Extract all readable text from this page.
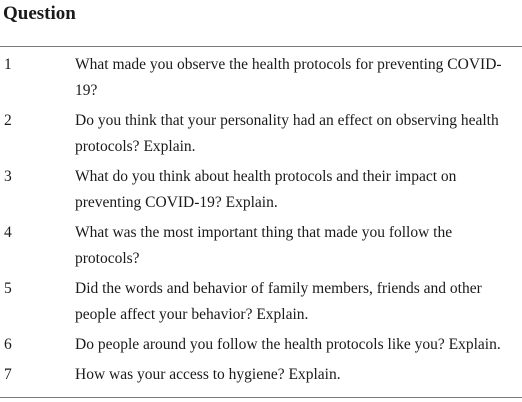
Question
1	What made you observe the health protocols for preventing COVID-19?
2	Do you think that your personality had an effect on observing health protocols? Explain.
3	What do you think about health protocols and their impact on preventing COVID-19? Explain.
4	What was the most important thing that made you follow the protocols?
5	Did the words and behavior of family members, friends and other people affect your behavior? Explain.
6	Do people around you follow the health protocols like you? Explain.
7	How was your access to hygiene? Explain.
